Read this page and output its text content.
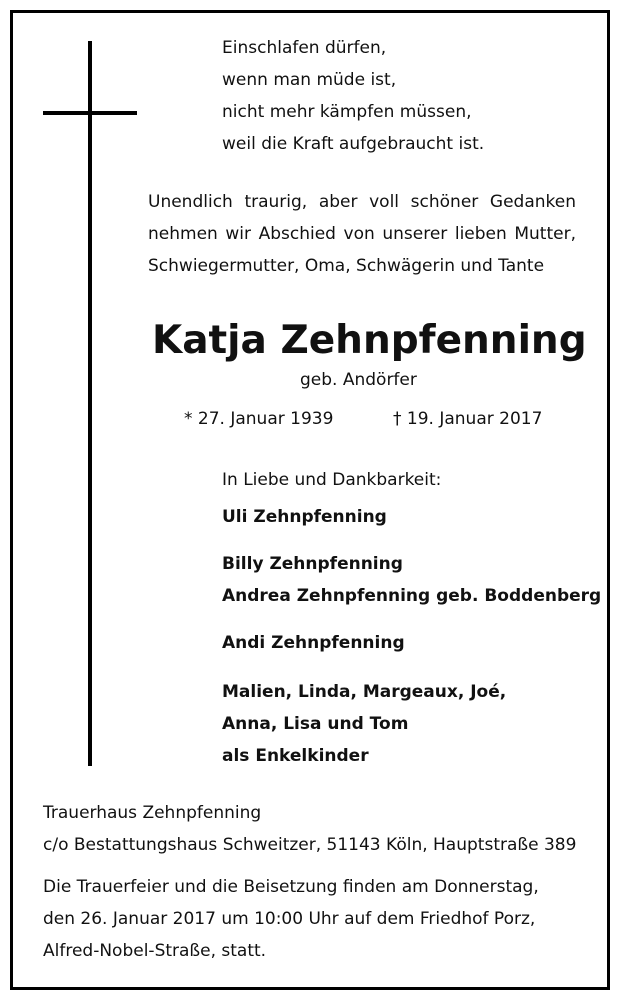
Einschlafen dürfen,
wenn man müde ist,
nicht mehr kämpfen müssen,
weil die Kraft aufgebraucht ist.
Unendlich traurig, aber voll schöner Gedanken
nehmen wir Abschied von unserer lieben Mutter,
Schwiegermutter, Oma, Schwägerin und Tante
Katja Zehnpfenning
geb. Andörfer
* 27. Januar 1939	† 19. Januar 2017
In Liebe und Dankbarkeit:
Uli Zehnpfenning
Billy Zehnpfenning
Andrea Zehnpfenning geb. Boddenberg
Andi Zehnpfenning
Malien, Linda, Margeaux, Joé,
Anna, Lisa und Tom
als Enkelkinder
Trauerhaus Zehnpfenning
c/o Bestattungshaus Schweitzer, 51143 Köln, Hauptstraße 389
Die Trauerfeier und die Beisetzung finden am Donnerstag,
den 26. Januar 2017 um 10:00 Uhr auf dem Friedhof Porz,
Alfred-Nobel-Straße, statt.
